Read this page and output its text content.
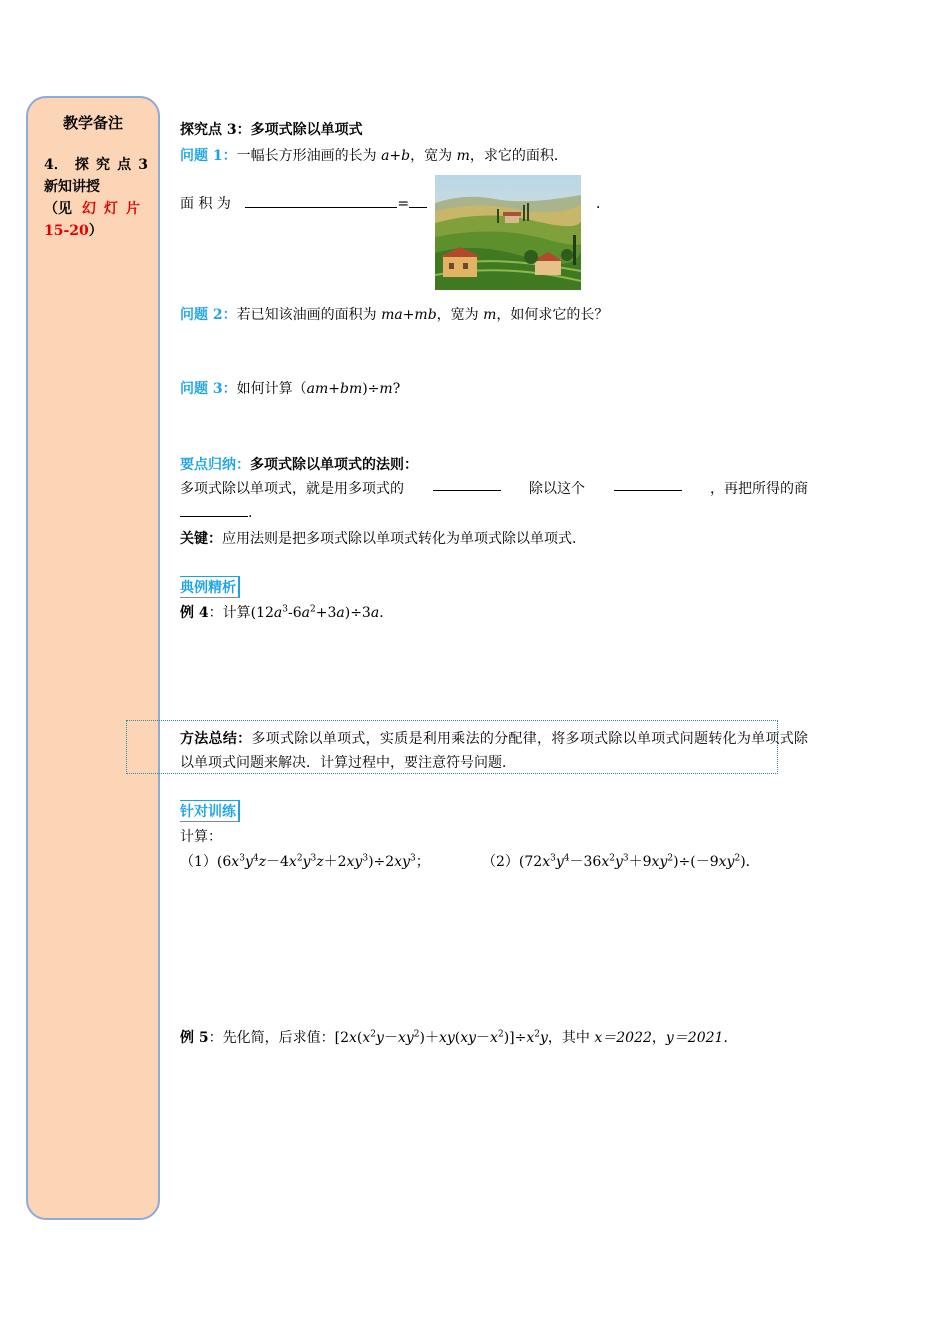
教学备注
4． 探 究 点 3
新知讲授
（见 幻灯片
15-20）
探究点 3：多项式除以单项式
问题 1：一幅长方形油画的长为 a+b，宽为 m，求它的面积．
面 积 为	=	．
问题 2：若已知该油画的面积为 ma+mb，宽为 m，如何求它的长？
问题 3：如何计算（am+bm)÷m?
要点归纳：多项式除以单项式的法则：
多项式除以单项式，就是用多项式的	除以这个	，再把所得的商
.
关键：应用法则是把多项式除以单项式转化为单项式除以单项式.
典例精析
例 4：计算$(12a^3-6a^2+3a)\div 3a$．
方法总结：多项式除以单项式，实质是利用乘法的分配律，将多项式除以单项式问题转化为单项式除以单项式问题来解决．计算过程中，要注意符号问题．
针对训练
计算：
$(1)(6x^3y^4z-4x^2y^3z+2xy^3)\div 2xy^3$；	$(2)(72x^3y^4-36x^2y^3+9xy^2)\div(-9xy^2)$．
例 5：先化简，后求值：$[2x(x^2y-xy^2)+xy(xy-x^2)]\div x^2y$，其中 x＝2022，y＝2021．
